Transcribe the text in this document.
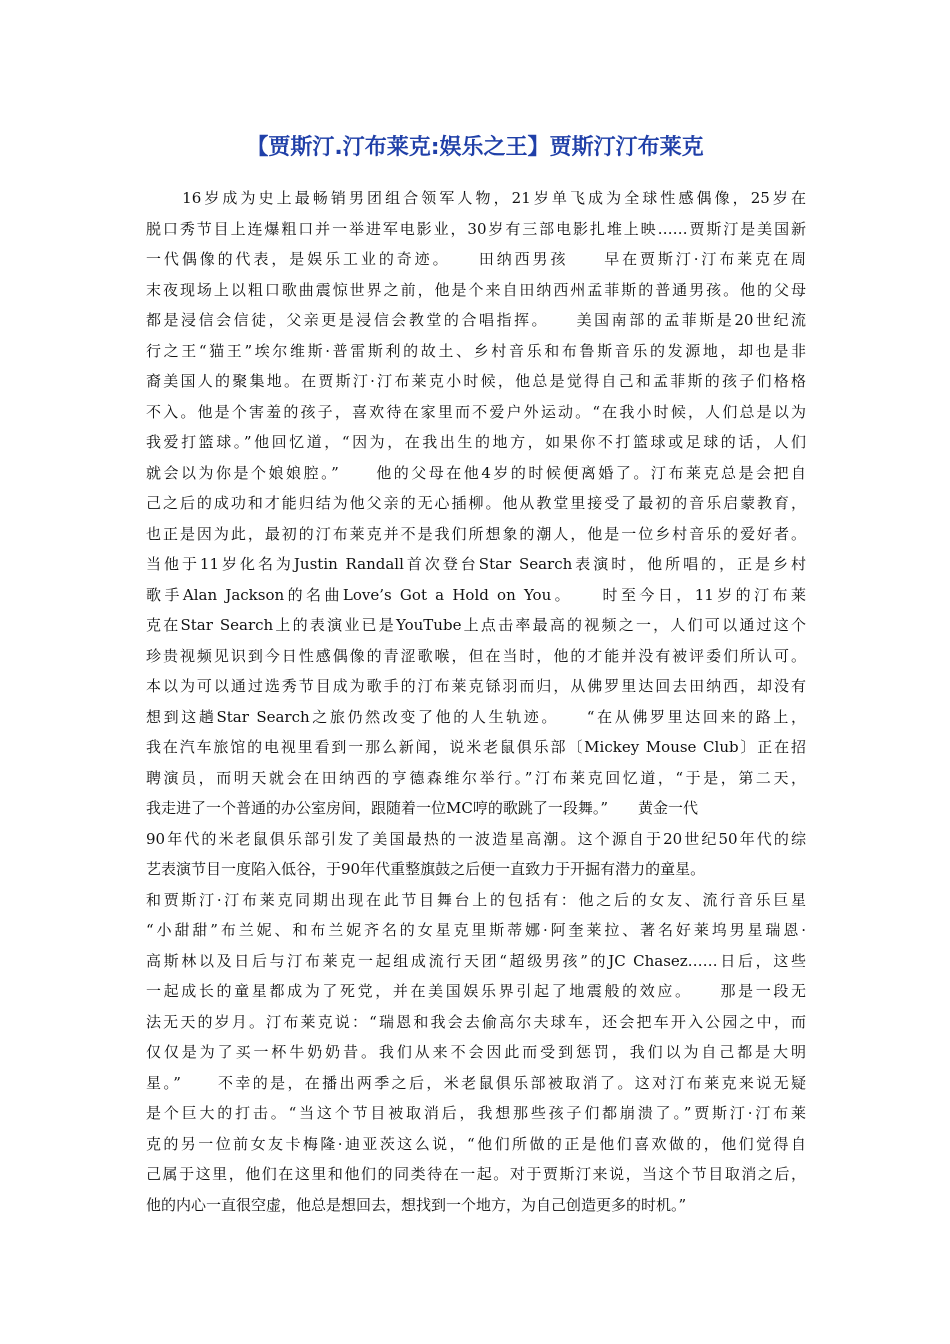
【贾斯汀.汀布莱克:娱乐之王】贾斯汀汀布莱克
　　16岁成为史上最畅销男团组合领军人物，21岁单飞成为全球性感偶像，25岁在
脱口秀节目上连爆粗口并一举进军电影业，30岁有三部电影扎堆上映……贾斯汀是美国新
一代偶像的代表，是娱乐工业的奇迹。　　田纳西男孩　　早在贾斯汀·汀布莱克在周
末夜现场上以粗口歌曲震惊世界之前，他是个来自田纳西州孟菲斯的普通男孩。他的父母
都是浸信会信徒，父亲更是浸信会教堂的合唱指挥。　　美国南部的孟菲斯是20世纪流
行之王“猫王”埃尔维斯·普雷斯利的故土、乡村音乐和布鲁斯音乐的发源地，却也是非
裔美国人的聚集地。在贾斯汀·汀布莱克小时候，他总是觉得自己和孟菲斯的孩子们格格
不入。他是个害羞的孩子，喜欢待在家里而不爱户外运动。“在我小时候，人们总是以为
我爱打篮球。”他回忆道，“因为，在我出生的地方，如果你不打篮球或足球的话，人们
就会以为你是个娘娘腔。”　　他的父母在他4岁的时候便离婚了。汀布莱克总是会把自
己之后的成功和才能归结为他父亲的无心插柳。他从教堂里接受了最初的音乐启蒙教育，
也正是因为此，最初的汀布莱克并不是我们所想象的潮人，他是一位乡村音乐的爱好者。
当他于11岁化名为Justin Randall首次登台Star Search表演时，他所唱的，正是乡村
歌手Alan Jackson的名曲Love’s Got a Hold on You。　　时至今日，11岁的汀布莱
克在Star Search上的表演业已是YouTube上点击率最高的视频之一，人们可以通过这个
珍贵视频见识到今日性感偶像的青涩歌喉，但在当时，他的才能并没有被评委们所认可。
本以为可以通过选秀节目成为歌手的汀布莱克铩羽而归，从佛罗里达回去田纳西，却没有
想到这趟Star Search之旅仍然改变了他的人生轨迹。　　“在从佛罗里达回来的路上，
我在汽车旅馆的电视里看到一那么新闻，说米老鼠俱乐部〔Mickey Mouse Club〕正在招
聘演员，而明天就会在田纳西的亨德森维尔举行。”汀布莱克回忆道，“于是，第二天，
我走进了一个普通的办公室房间，跟随着一位MC哼的歌跳了一段舞。”　　黄金一代
90年代的米老鼠俱乐部引发了美国最热的一波造星高潮。这个源自于20世纪50年代的综
艺表演节目一度陷入低谷，于90年代重整旗鼓之后便一直致力于开掘有潜力的童星。
和贾斯汀·汀布莱克同期出现在此节目舞台上的包括有：他之后的女友、流行音乐巨星
“小甜甜”布兰妮、和布兰妮齐名的女星克里斯蒂娜·阿奎莱拉、著名好莱坞男星瑞恩·
高斯林以及日后与汀布莱克一起组成流行天团“超级男孩”的JC Chasez……日后，这些
一起成长的童星都成为了死党，并在美国娱乐界引起了地震般的效应。　　那是一段无
法无天的岁月。汀布莱克说：“瑞恩和我会去偷高尔夫球车，还会把车开入公园之中，而
仅仅是为了买一杯牛奶奶昔。我们从来不会因此而受到惩罚，我们以为自己都是大明
星。”　　不幸的是，在播出两季之后，米老鼠俱乐部被取消了。这对汀布莱克来说无疑
是个巨大的打击。“当这个节目被取消后，我想那些孩子们都崩溃了。”贾斯汀·汀布莱
克的另一位前女友卡梅隆·迪亚茨这么说，“他们所做的正是他们喜欢做的，他们觉得自
己属于这里，他们在这里和他们的同类待在一起。对于贾斯汀来说，当这个节目取消之后，
他的内心一直很空虚，他总是想回去，想找到一个地方，为自己创造更多的时机。”
